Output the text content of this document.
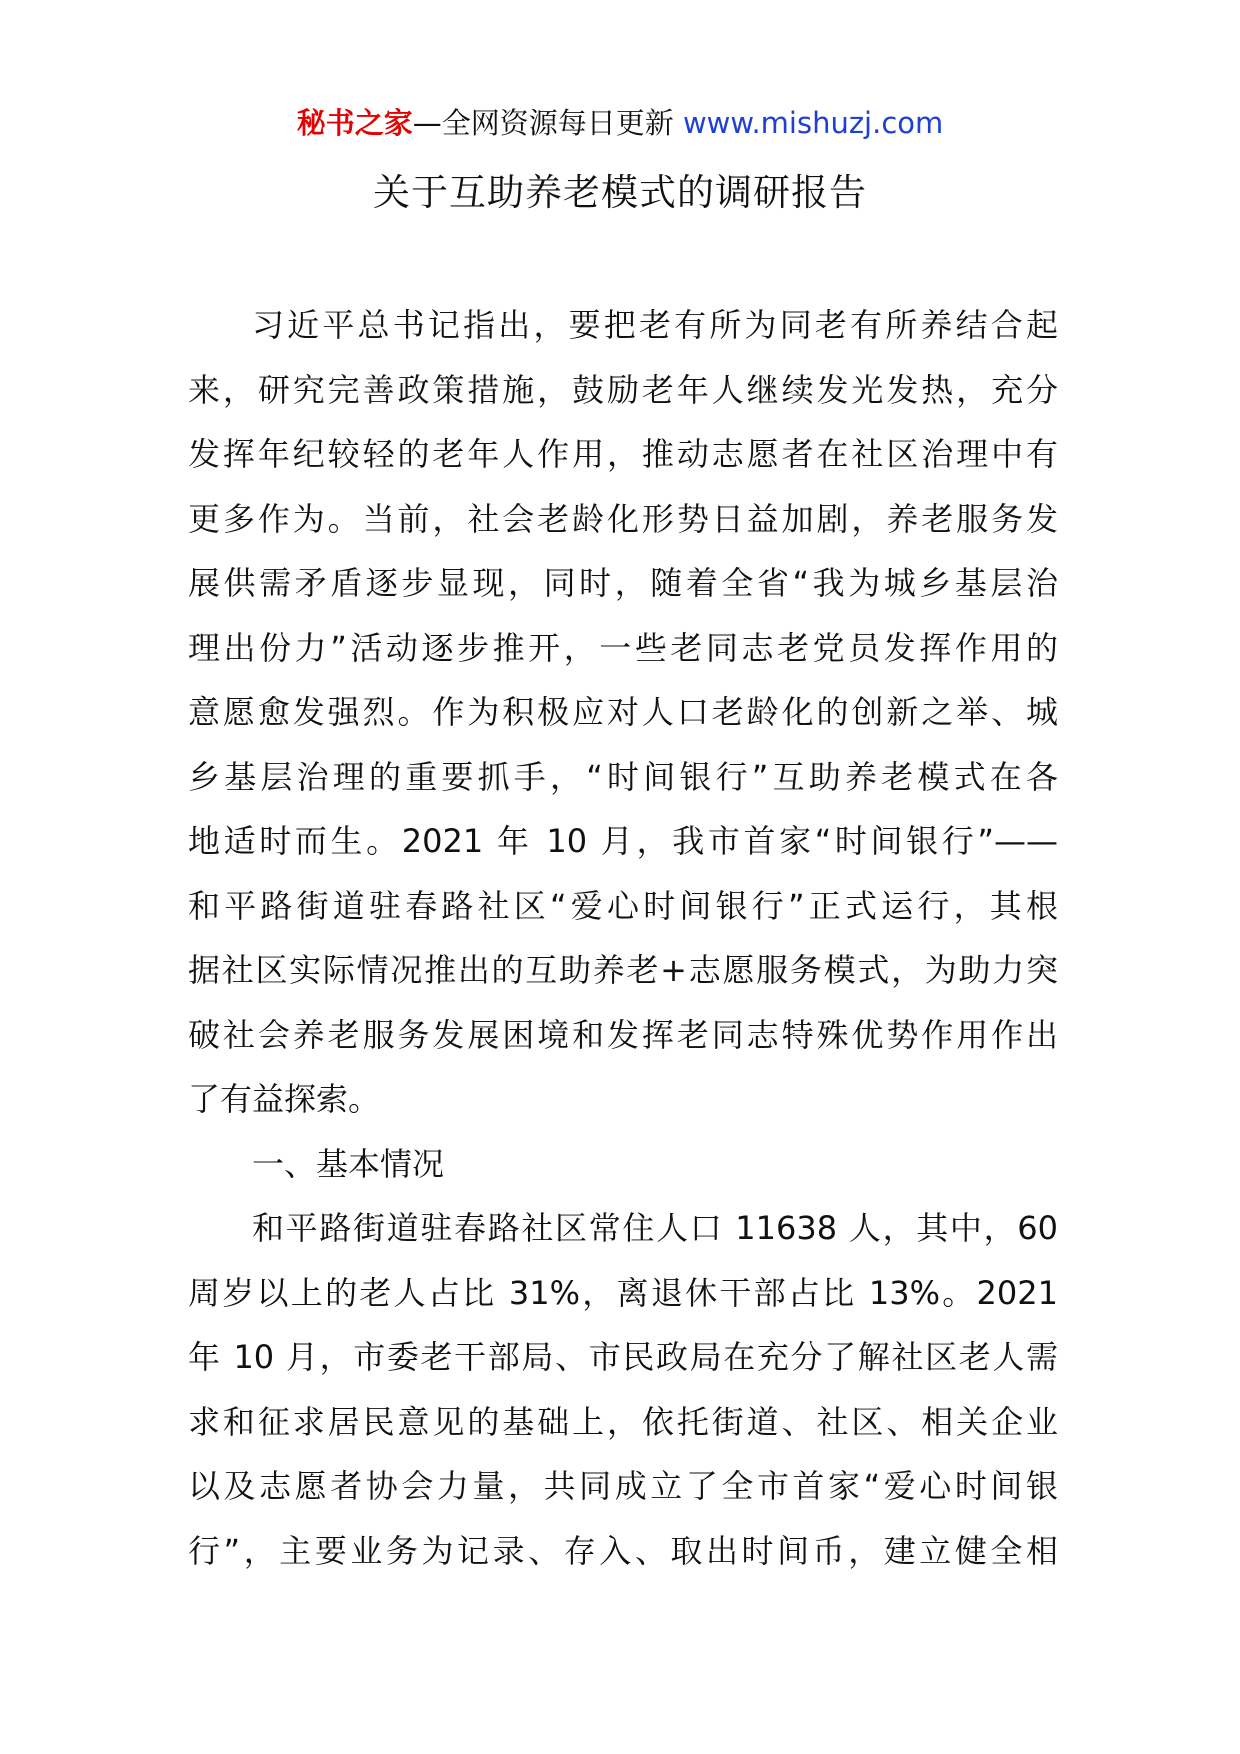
秘书之家—全网资源每日更新 www.mishuzj.com
关于互助养老模式的调研报告
习近平总书记指出，要把老有所为同老有所养结合起
来，研究完善政策措施，鼓励老年人继续发光发热，充分
发挥年纪较轻的老年人作用，推动志愿者在社区治理中有
更多作为。当前，社会老龄化形势日益加剧，养老服务发
展供需矛盾逐步显现，同时，随着全省“我为城乡基层治
理出份力”活动逐步推开，一些老同志老党员发挥作用的
意愿愈发强烈。作为积极应对人口老龄化的创新之举、城
乡基层治理的重要抓手，“时间银行”互助养老模式在各
地适时而生。2021 年 10 月，我市首家“时间银行”——
和平路街道驻春路社区“爱心时间银行”正式运行，其根
据社区实际情况推出的互助养老+志愿服务模式，为助力突
破社会养老服务发展困境和发挥老同志特殊优势作用作出
了有益探索。
一、基本情况
和平路街道驻春路社区常住人口 11638 人，其中，60
周岁以上的老人占比 31%，离退休干部占比 13%。2021
年 10 月，市委老干部局、市民政局在充分了解社区老人需
求和征求居民意见的基础上，依托街道、社区、相关企业
以及志愿者协会力量，共同成立了全市首家“爱心时间银
行”，主要业务为记录、存入、取出时间币，建立健全相
